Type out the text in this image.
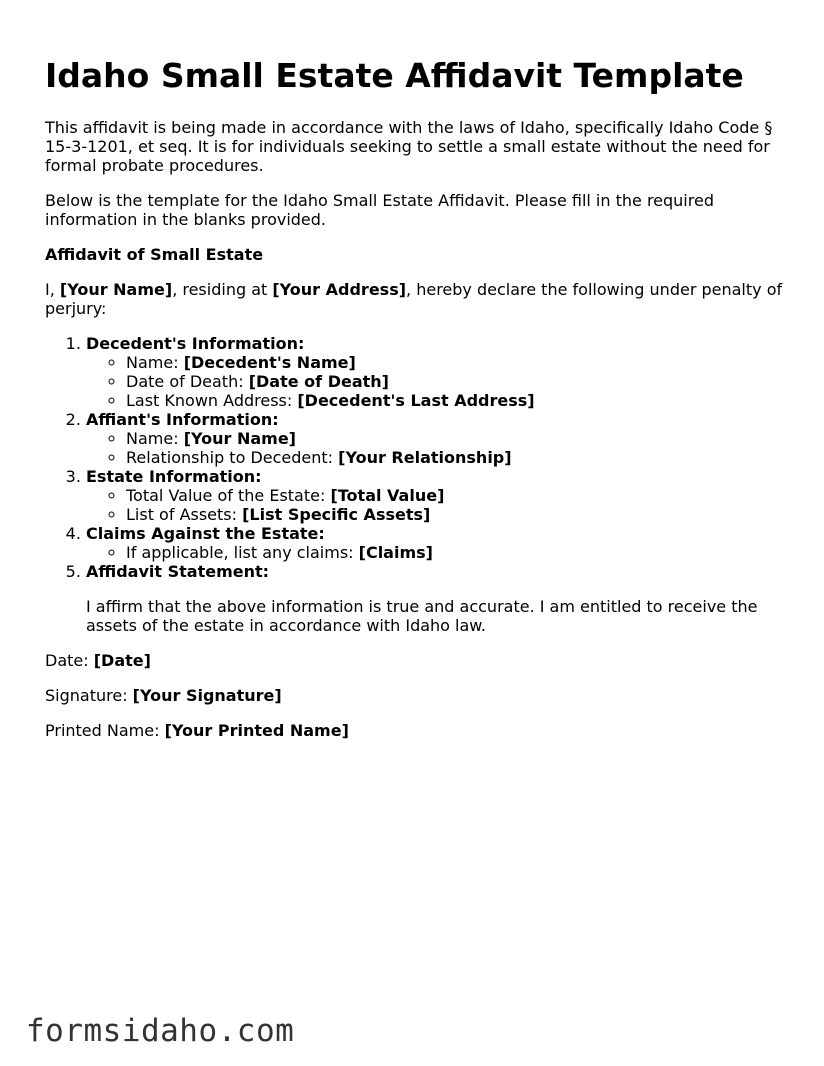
Idaho Small Estate Affidavit Template

This affidavit is being made in accordance with the laws of Idaho, specifically Idaho Code § 15-3-1201, et seq. It is for individuals seeking to settle a small estate without the need for formal probate procedures.

Below is the template for the Idaho Small Estate Affidavit. Please fill in the required information in the blanks provided.

Affidavit of Small Estate

I, [Your Name], residing at [Your Address], hereby declare the following under penalty of perjury:

1. Decedent's Information:
◦ Name: [Decedent's Name]
◦ Date of Death: [Date of Death]
◦ Last Known Address: [Decedent's Last Address]
2. Affiant's Information:
◦ Name: [Your Name]
◦ Relationship to Decedent: [Your Relationship]
3. Estate Information:
◦ Total Value of the Estate: [Total Value]
◦ List of Assets: [List Specific Assets]
4. Claims Against the Estate:
◦ If applicable, list any claims: [Claims]
5. Affidavit Statement:

I affirm that the above information is true and accurate. I am entitled to receive the assets of the estate in accordance with Idaho law.

Date: [Date]

Signature: [Your Signature]

Printed Name: [Your Printed Name]

formsidaho.com
